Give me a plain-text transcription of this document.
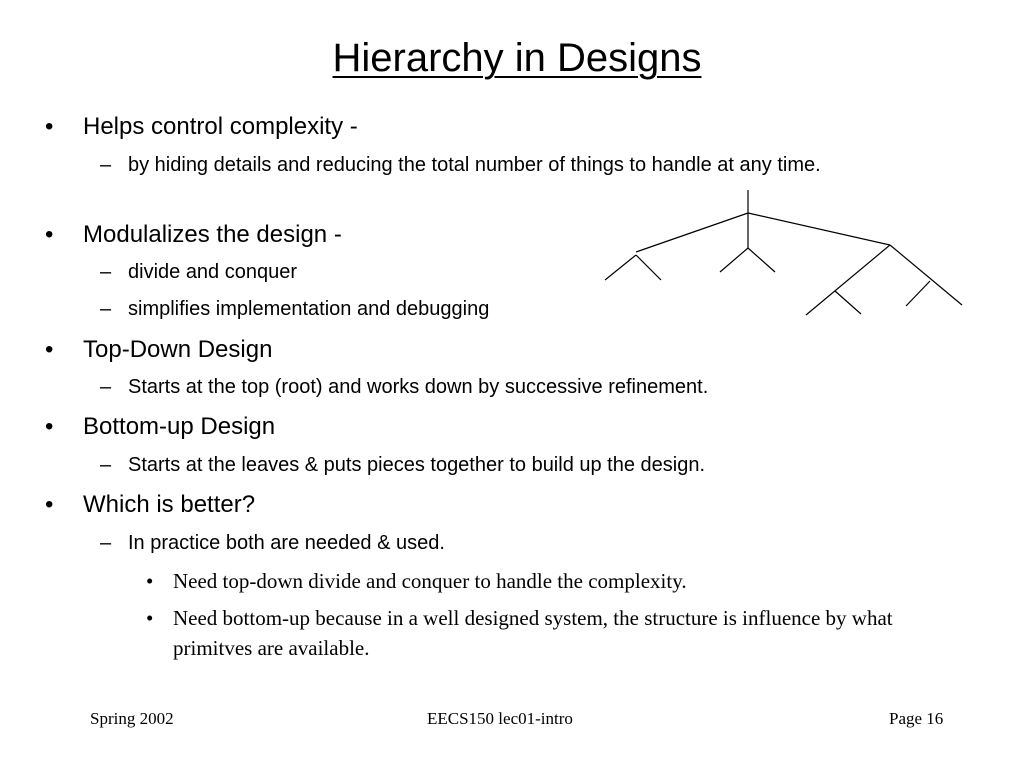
Hierarchy in Designs
• Helps control complexity -
– by hiding details and reducing the total number of things to handle at any time.
• Modulalizes the design -
– divide and conquer
– simplifies implementation and debugging
• Top-Down Design
– Starts at the top (root) and works down by successive refinement.
• Bottom-up Design
– Starts at the leaves & puts pieces together to build up the design.
• Which is better?
– In practice both are needed & used.
• Need top-down divide and conquer to handle the complexity.
• Need bottom-up because in a well designed system, the structure is influence by what primitves are available.
Spring 2002	EECS150 lec01-intro	Page 16
